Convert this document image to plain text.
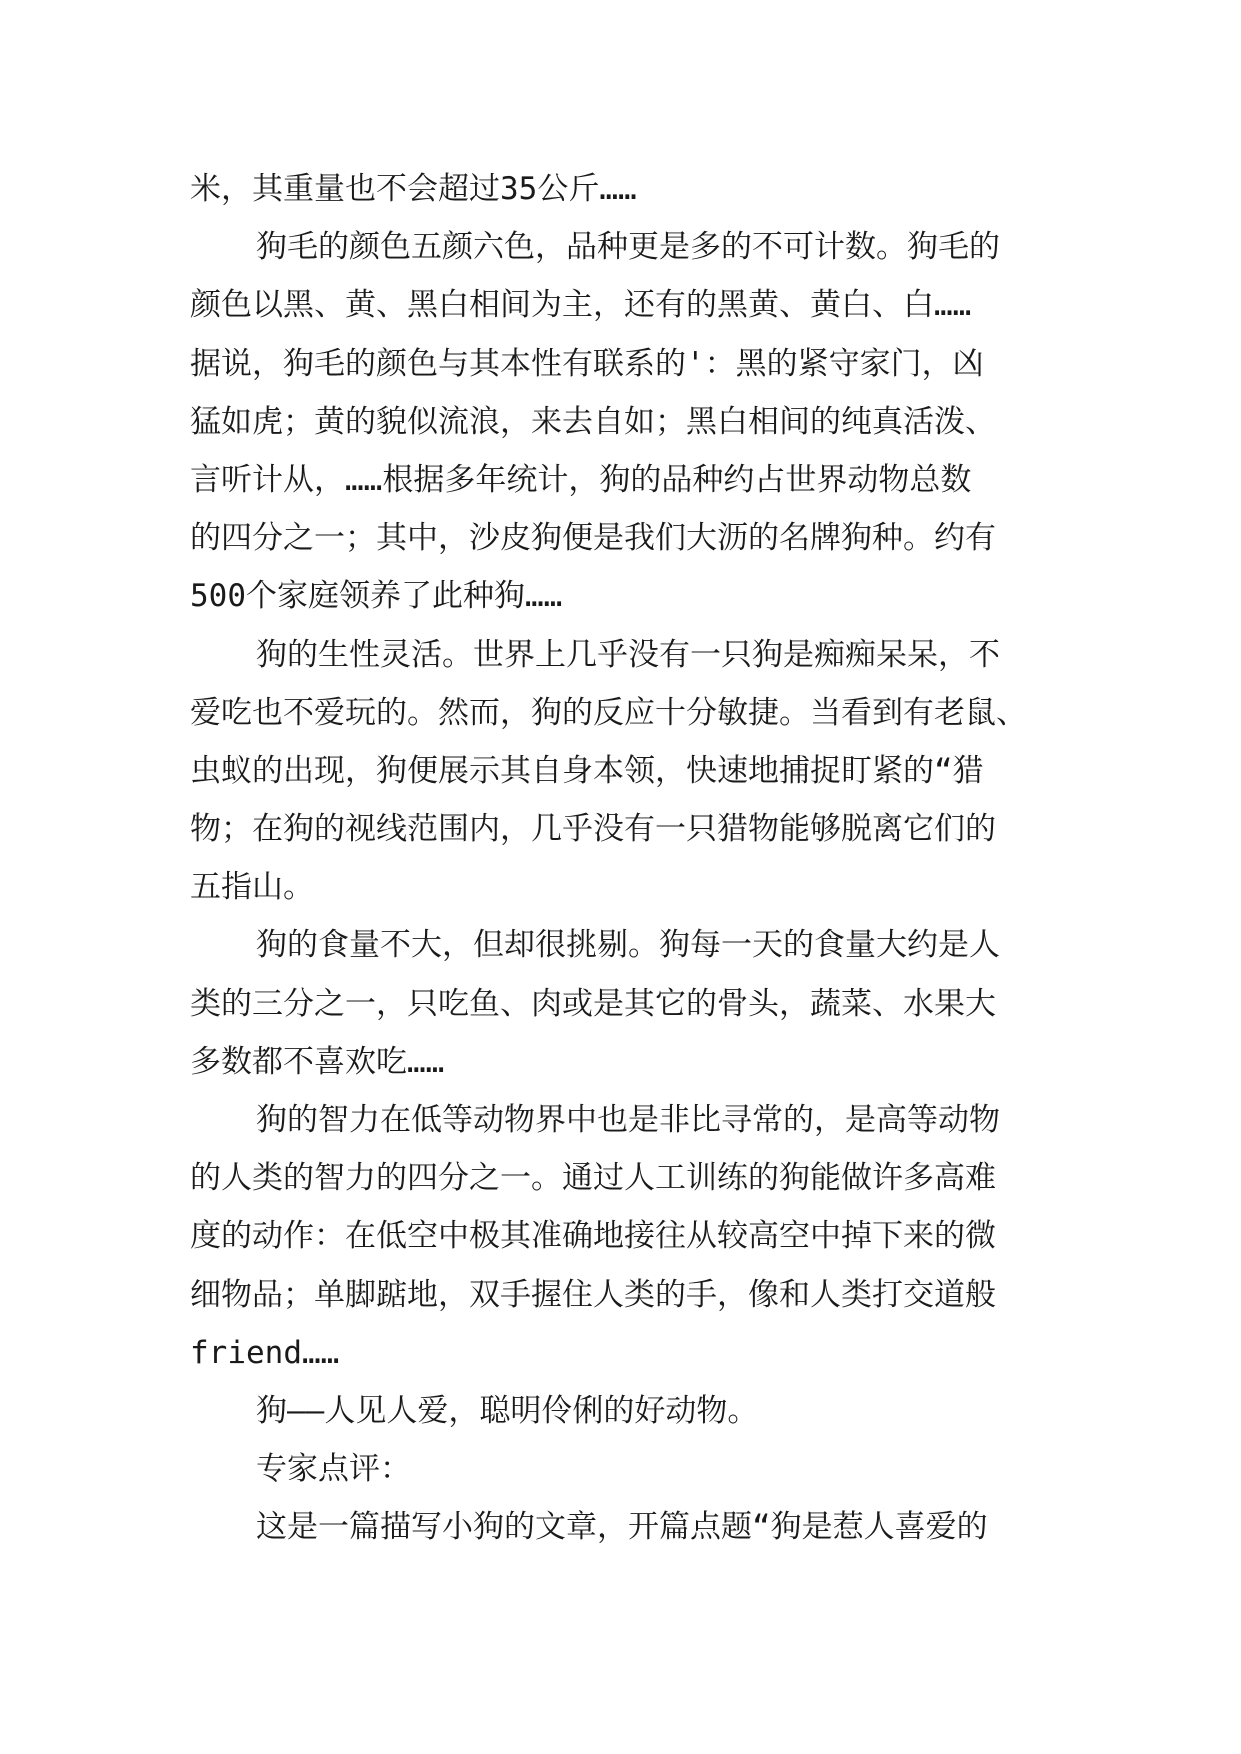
米，其重量也不会超过35公斤……
狗毛的颜色五颜六色，品种更是多的不可计数。狗毛的
颜色以黑、黄、黑白相间为主，还有的黑黄、黄白、白……
据说，狗毛的颜色与其本性有联系的'：黑的紧守家门，凶
猛如虎；黄的貌似流浪，来去自如；黑白相间的纯真活泼、
言听计从，……根据多年统计，狗的品种约占世界动物总数
的四分之一；其中，沙皮狗便是我们大沥的名牌狗种。约有
500个家庭领养了此种狗……
狗的生性灵活。世界上几乎没有一只狗是痴痴呆呆，不
爱吃也不爱玩的。然而，狗的反应十分敏捷。当看到有老鼠、
虫蚁的出现，狗便展示其自身本领，快速地捕捉盯紧的“猎
物；在狗的视线范围内，几乎没有一只猎物能够脱离它们的
五指山。
狗的食量不大，但却很挑剔。狗每一天的食量大约是人
类的三分之一，只吃鱼、肉或是其它的骨头，蔬菜、水果大
多数都不喜欢吃……
狗的智力在低等动物界中也是非比寻常的，是高等动物
的人类的智力的四分之一。通过人工训练的狗能做许多高难
度的动作：在低空中极其准确地接往从较高空中掉下来的微
细物品；单脚踮地，双手握住人类的手，像和人类打交道般
friend……
狗——人见人爱，聪明伶俐的好动物。
专家点评：
这是一篇描写小狗的文章，开篇点题“狗是惹人喜爱的
